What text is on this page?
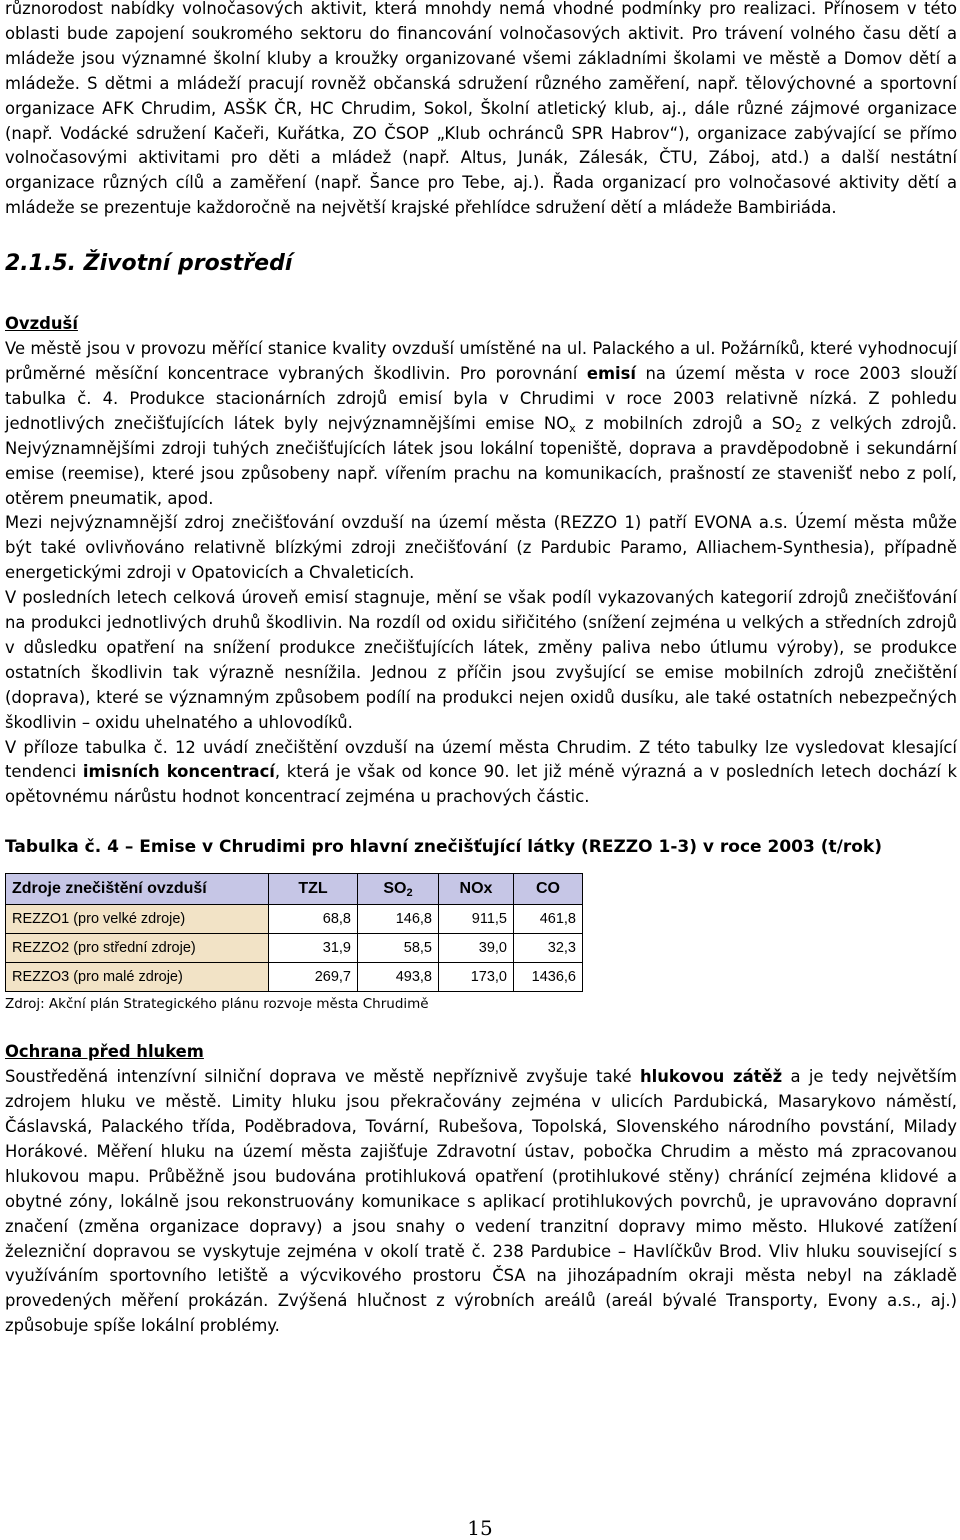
různorodost nabídky volnočasových aktivit, která mnohdy nemá vhodné podmínky pro realizaci. Přínosem v této oblasti bude zapojení soukromého sektoru do financování volnočasových aktivit. Pro trávení volného času dětí a mládeže jsou významné školní kluby a kroužky organizované všemi základními školami ve městě a Domov dětí a mládeže. S dětmi a mládeží pracují rovněž občanská sdružení různého zaměření, např. tělovýchovné a sportovní organizace AFK Chrudim, ASŠK ČR, HC Chrudim, Sokol, Školní atletický klub, aj., dále různé zájmové organizace (např. Vodácké sdružení Kačeři, Kuřátka, ZO ČSOP „Klub ochránců SPR Habrov“), organizace zabývající se přímo volnočasovými aktivitami pro děti a mládež (např. Altus, Junák, Zálesák, ČTU, Záboj, atd.) a další nestátní organizace různých cílů a zaměření (např. Šance pro Tebe, aj.). Řada organizací pro volnočasové aktivity dětí a mládeže se prezentuje každoročně na největší krajské přehlídce sdružení dětí a mládeže Bambiriáda.

2.1.5. Životní prostředí
Ovzduší

Ve městě jsou v provozu měřící stanice kvality ovzduší umístěné na ul. Palackého a ul. Požárníků, které vyhodnocují průměrné měsíční koncentrace vybraných škodlivin. Pro porovnání emisí na území města v roce 2003 slouží tabulka č. 4. Produkce stacionárních zdrojů emisí byla v Chrudimi v roce 2003 relativně nízká. Z pohledu jednotlivých znečišťujících látek byly nejvýznamnějšími emise $NO_x$ z mobilních zdrojů a $SO_2$ z velkých zdrojů. Nejvýznamnějšími zdroji tuhých znečišťujících látek jsou lokální topeniště, doprava a pravděpodobně i sekundární emise (reemise), které jsou způsobeny např. vířením prachu na komunikacích, prašností ze stavenišť nebo z polí, otěrem pneumatik, apod.

Mezi nejvýznamnější zdroj znečišťování ovzduší na území města (REZZO 1) patří EVONA a.s. Území města může být také ovlivňováno relativně blízkými zdroji znečišťování (z Pardubic Paramo, Alliachem-Synthesia), případně energetickými zdroji v Opatovicích a Chvaleticích.

V posledních letech celková úroveň emisí stagnuje, mění se však podíl vykazovaných kategorií zdrojů znečišťování na produkci jednotlivých druhů škodlivin. Na rozdíl od oxidu siřičitého (snížení zejména u velkých a středních zdrojů v důsledku opatření na snížení produkce znečišťujících látek, změny paliva nebo útlumu výroby), se produkce ostatních škodlivin tak výrazně nesnížila. Jednou z příčin jsou zvyšující se emise mobilních zdrojů znečištění (doprava), které se významným způsobem podílí na produkci nejen oxidů dusíku, ale také ostatních nebezpečných škodlivin – oxidu uhelnatého a uhlovodíků.

V příloze tabulka č. 12 uvádí znečištění ovzduší na území města Chrudim. Z této tabulky lze vysledovat klesající tendenci imisních koncentrací, která je však od konce 90. let již méně výrazná a v posledních letech dochází k opětovnému nárůstu hodnot koncentrací zejména u prachových částic.

Tabulka č. 4 – Emise v Chrudimi pro hlavní znečišťující látky (REZZO 1-3) v roce 2003 (t/rok)

Zdroje znečištění ovzduší	TZL	$SO_2$	NOx	CO
REZZO1 (pro velké zdroje)	68,8	146,8	911,5	461,8
REZZO2 (pro střední zdroje)	31,9	58,5	39,0	32,3
REZZO3 (pro malé zdroje)	269,7	493,8	173,0	1436,6

Zdroj: Akční plán Strategického plánu rozvoje města Chrudimě

Ochrana před hlukem

Soustředěná intenzívní silniční doprava ve městě nepříznivě zvyšuje také hlukovou zátěž a je tedy největším zdrojem hluku ve městě. Limity hluku jsou překračovány zejména v ulicích Pardubická, Masarykovo náměstí, Čáslavská, Palackého třída, Poděbradova, Tovární, Rubešova, Topolská, Slovenského národního povstání, Milady Horákové. Měření hluku na území města zajišťuje Zdravotní ústav, pobočka Chrudim a město má zpracovanou hlukovou mapu. Průběžně jsou budována protihluková opatření (protihlukové stěny) chránící zejména klidové a obytné zóny, lokálně jsou rekonstruovány komunikace s aplikací protihlukových povrchů, je upravováno dopravní značení (změna organizace dopravy) a jsou snahy o vedení tranzitní dopravy mimo město. Hlukové zatížení železniční dopravou se vyskytuje zejména v okolí tratě č. 238 Pardubice – Havlíčkův Brod. Vliv hluku související s využíváním sportovního letiště a výcvikového prostoru ČSA na jihozápadním okraji města nebyl na základě provedených měření prokázán. Zvýšená hlučnost z výrobních areálů (areál bývalé Transporty, Evony a.s., aj.) způsobuje spíše lokální problémy.

15
